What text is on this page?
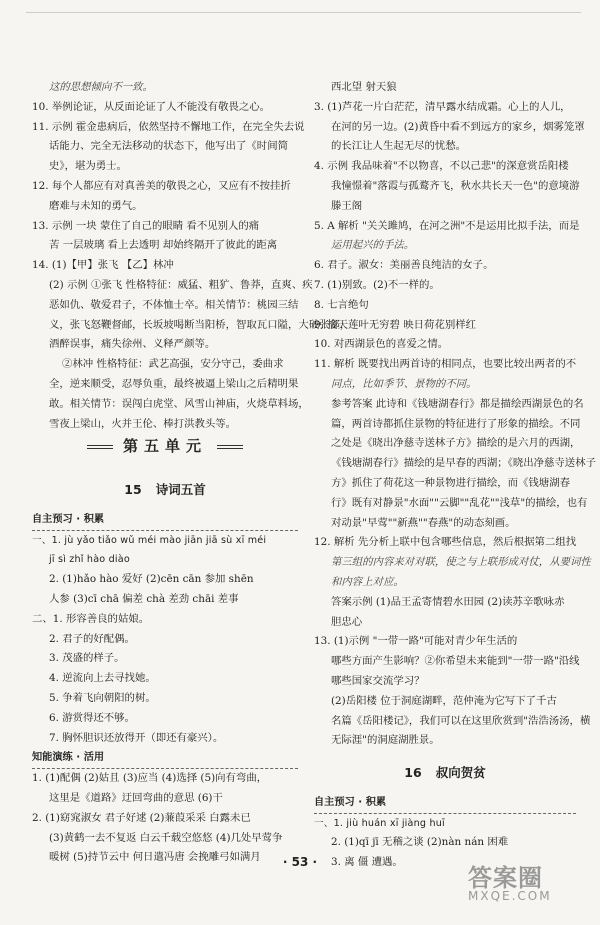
这的思想倾向不一致。
10. 举例论证，从反面论证了人不能没有敬畏之心。
11. 示例 霍金患病后，依然坚持不懈地工作，在完全失去说
话能力、完全无法移动的状态下，他写出了《时间简
史》，堪为勇士。
12. 每个人都应有对真善美的敬畏之心，又应有不按挂折
磨难与未知的勇气。
13. 示例 一块 蒙住了自己的眼睛 看不见别人的痛
苦 一层玻璃 看上去透明 却始终隔开了彼此的距离
14. (1)【甲】张飞 【乙】林冲
(2) 示例 ①张飞 性格特征：威猛、粗犷、鲁莽，直爽、疾
恶如仇、敬爱君子，不体恤士卒。相关情节：桃园三结
义，张飞怒鞭督邮，长坂坡喝断当阳桥，智取瓦口隘，大破张郃，
酒醉误事，痛失徐州、义释严颜等。
②林冲 性格特征：武艺高强，安分守己，委曲求
全，逆来顺受，忍辱负重，最终被逼上梁山之后精明果
敢。相关情节：误闯白虎堂、风雪山神庙，火烧草料场，
雪夜上梁山，火并王伦、棒打洪教头等。
第五单元
15 诗词五首
自主预习 · 积累
一、1. jù yǎo tiǎo wǔ méi mào jiān jiā sù xī méi
jī sì zhǐ hào diào
2. (1)hǎo hào 爱好 (2)cēn cān 参加 shēn
人参 (3)cī chā 偏差 chà 差劲 chāi 差事
二、1. 形容善良的姑娘。
2. 君子的好配偶。
3. 茂盛的样子。
4. 逆流向上去寻找她。
5. 争着飞向朝阳的树。
6. 游赏得还不够。
7. 胸怀胆识还放得开（即还有豪兴）。
知能演练 · 活用
1. (1)配偶 (2)姑且 (3)应当 (4)选择 (5)向有弯曲，
这里是《道路》迂回弯曲的意思 (6)干
2. (1)窈窕淑女 君子好逑 (2)蒹葭采采 白露未已
(3)黄鹤一去不复返 白云千载空悠悠 (4)几处早莺争
暖树 (5)持节云中 何日遣冯唐 会挽雕弓如满月
西北望 射天狼
3. (1)芦花一片白茫茫，清早露水结成霜。心上的人儿，
在河的另一边。(2)黄昏中看不到远方的家乡，烟雾笼罩
的长江让人生起无尽的忧愁。
4. 示例 我品味着"不以物喜，不以己悲"的深意赏岳阳楼
我憧憬着"落霞与孤鹜齐飞，秋水共长天一色"的意境游
滕王阁
5. A 解析 "关关雎鸠，在河之洲"不是运用比拟手法，而是
运用起兴的手法。
6. 君子。淑女：美丽善良纯洁的女子。
7. (1)别致。(2)不一样的。
8. 七言绝句
9. 接天莲叶无穷碧 映日荷花别样红
10. 对西湖景色的喜爱之情。
11. 解析 既要找出两首诗的相同点，也要比较出两者的不
同点，比如季节、景物的不同。
参考答案 此诗和《钱塘湖春行》都是描绘西湖景色的名
篇，两首诗都抓住景物的特征进行了形象的描绘。不同
之处是《晓出净慈寺送林子方》描绘的是六月的西湖，
《钱塘湖春行》描绘的是早春的西湖；《晓出净慈寺送林子
方》抓住了荷花这一种景物进行描绘，而《钱塘湖春
行》既有对静景"水面""云脚""乱花""浅草"的描绘，也有
对动景"早莺""新燕""春燕"的动态刻画。
12. 解析 先分析上联中包含哪些信息，然后根据第二组找
第三组的内容来对对联，使之与上联形成对仗，从要词性
和内容上对应。
答案示例 (1)品王孟寄情碧水田园 (2)读苏辛歌咏赤
胆忠心
13. (1)示例 "一带一路"可能对青少年生活的
哪些方面产生影响？②你希望未来能到"一带一路"沿线
哪些国家交流学习？
(2)岳阳楼 位于洞庭湖畔，范仲淹为它写下了千古
名篇《岳阳楼记》，我们可以在这里欣赏到"浩浩汤汤，横
无际涯"的洞庭湖胜景。
16 叔向贺贫
自主预习 · 积累
一、1. jiù huán xī jiàng huī
2. (1)qī jī 无稽之谈 (2)nàn nán 困难
3. 离 僵 遭遇。
· 53 ·
答案圈
MXQE.COM
